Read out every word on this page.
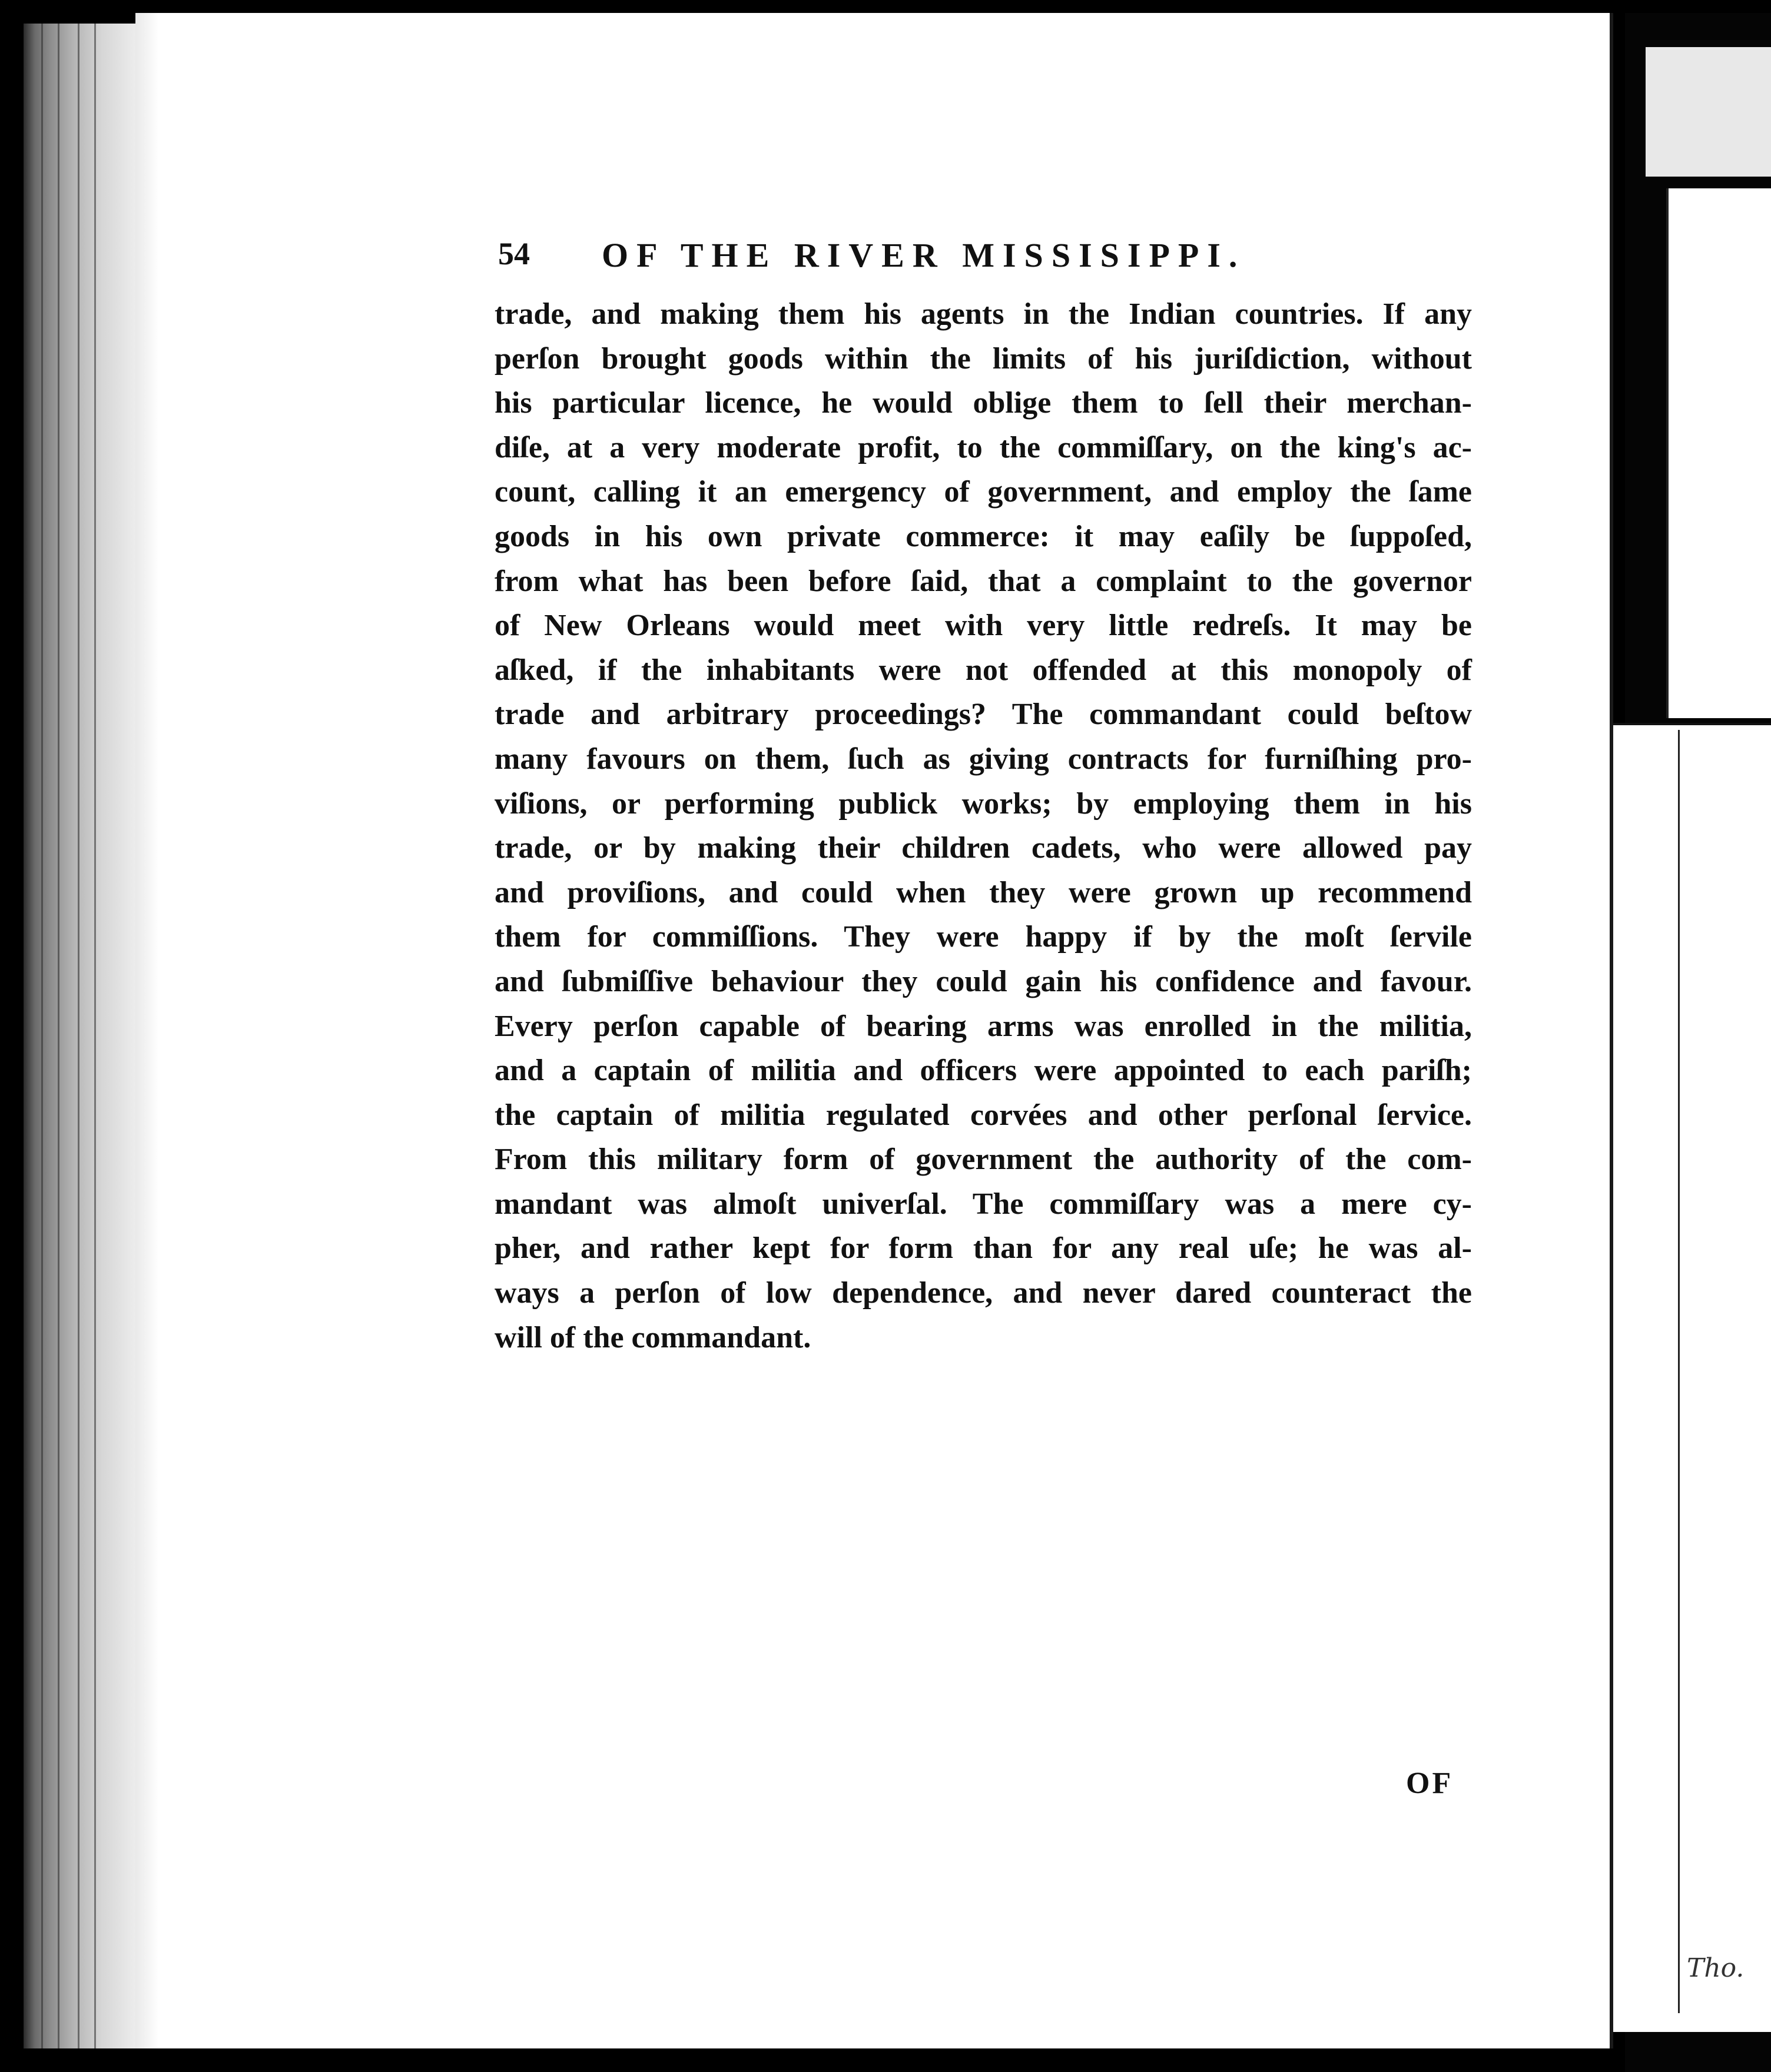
Tho.
54 OF THE RIVER MISSISIPPI.
trade, and making them his agents in the Indian countries. If any
perſon brought goods within the limits of his juriſdiction, without
his particular licence, he would oblige them to ſell their merchan-
diſe, at a very moderate profit, to the commiſſary, on the king's ac-
count, calling it an emergency of government, and employ the ſame
goods in his own private commerce: it may eaſily be ſuppoſed,
from what has been before ſaid, that a complaint to the governor
of New Orleans would meet with very little redreſs. It may be
aſked, if the inhabitants were not offended at this monopoly of
trade and arbitrary proceedings? The commandant could beſtow
many favours on them, ſuch as giving contracts for furniſhing pro-
viſions, or performing publick works; by employing them in his
trade, or by making their children cadets, who were allowed pay
and proviſions, and could when they were grown up recommend
them for commiſſions. They were happy if by the moſt ſervile
and ſubmiſſive behaviour they could gain his confidence and favour.
Every perſon capable of bearing arms was enrolled in the militia,
and a captain of militia and officers were appointed to each pariſh;
the captain of militia regulated corvées and other perſonal ſervice.
From this military form of government the authority of the com-
mandant was almoſt univerſal. The commiſſary was a mere cy-
pher, and rather kept for form than for any real uſe; he was al-
ways a perſon of low dependence, and never dared counteract the
will of the commandant.
OF
